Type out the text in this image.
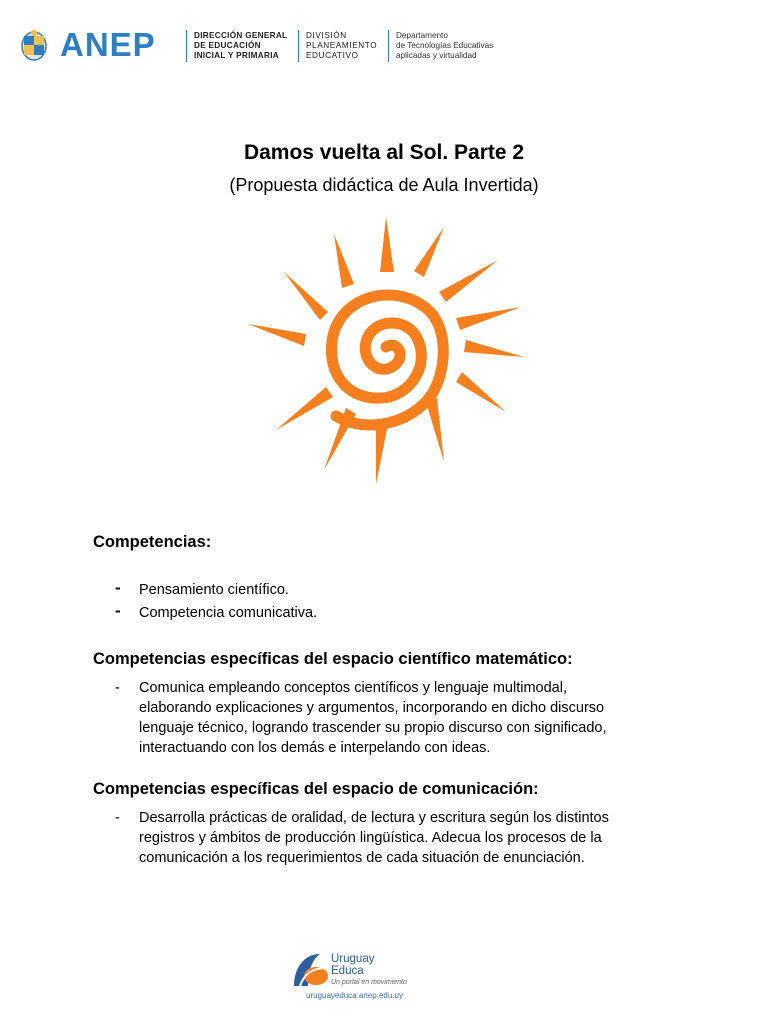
ANEP	DIRECCIÓN GENERAL
DE EDUCACIÓN
INICIAL Y PRIMARIA
DIVISIÓN
PLANEAMIENTO
EDUCATIVO
Departamento
de Tecnologías Educativas
aplicadas y virtualidad
Damos vuelta al Sol. Parte 2
(Propuesta didáctica de Aula Invertida)
Competencias:
- Pensamiento científico.
- Competencia comunicativa.
Competencias específicas del espacio científico matemático:
- Comunica empleando conceptos científicos y lenguaje multimodal,
elaborando explicaciones y argumentos, incorporando en dicho discurso
lenguaje técnico, logrando trascender su propio discurso con significado,
interactuando con los demás e interpelando con ideas.
Competencias específicas del espacio de comunicación:
- Desarrolla prácticas de oralidad, de lectura y escritura según los distintos
registros y ámbitos de producción lingüística. Adecua los procesos de la
comunicación a los requerimientos de cada situación de enunciación.
Uruguay
Educa
Un portal en movimiento
uruguayeduca.anep.edu.uy
